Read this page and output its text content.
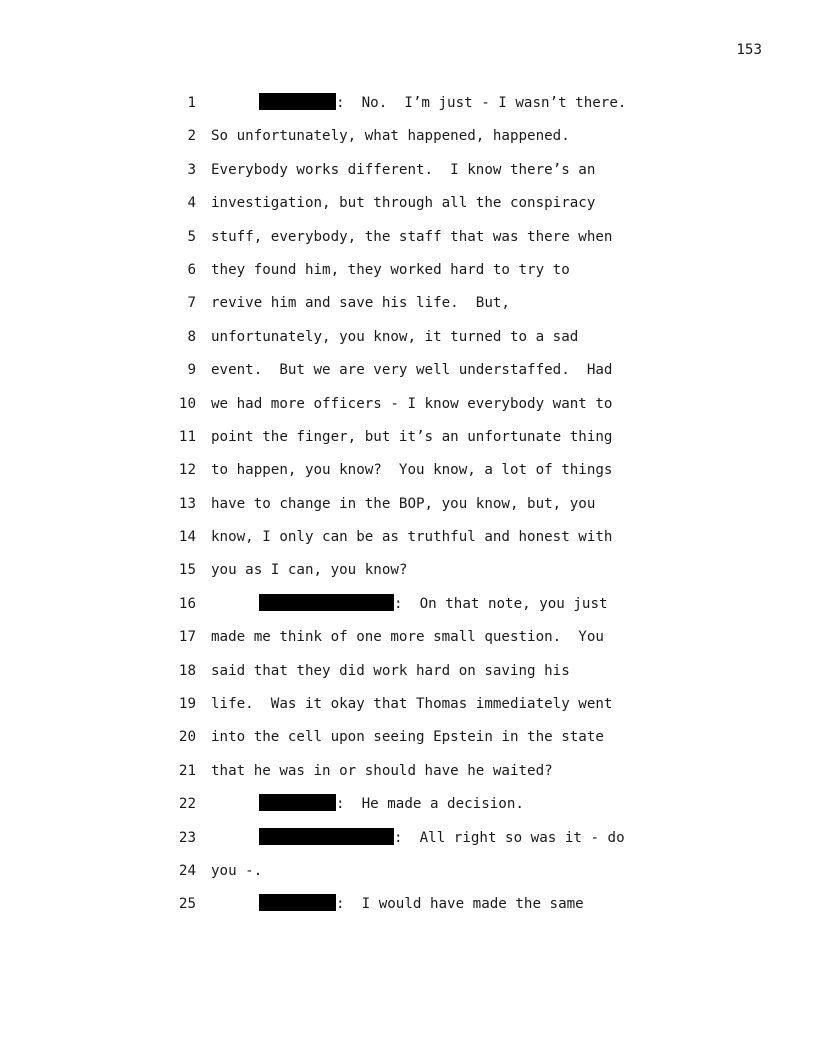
153
1	:  No.  I’m just - I wasn’t there.
2 So unfortunately, what happened, happened.
3 Everybody works different.  I know there’s an
4 investigation, but through all the conspiracy
5 stuff, everybody, the staff that was there when
6 they found him, they worked hard to try to
7 revive him and save his life.  But,
8 unfortunately, you know, it turned to a sad
9 event.  But we are very well understaffed.  Had
10 we had more officers - I know everybody want to
11 point the finger, but it’s an unfortunate thing
12 to happen, you know?  You know, a lot of things
13 have to change in the BOP, you know, but, you
14 know, I only can be as truthful and honest with
15 you as I can, you know?
16	:  On that note, you just
17 made me think of one more small question.  You
18 said that they did work hard on saving his
19 life.  Was it okay that Thomas immediately went
20 into the cell upon seeing Epstein in the state
21 that he was in or should have he waited?
22	:  He made a decision.
23	:  All right so was it - do
24 you -.
25	:  I would have made the same
